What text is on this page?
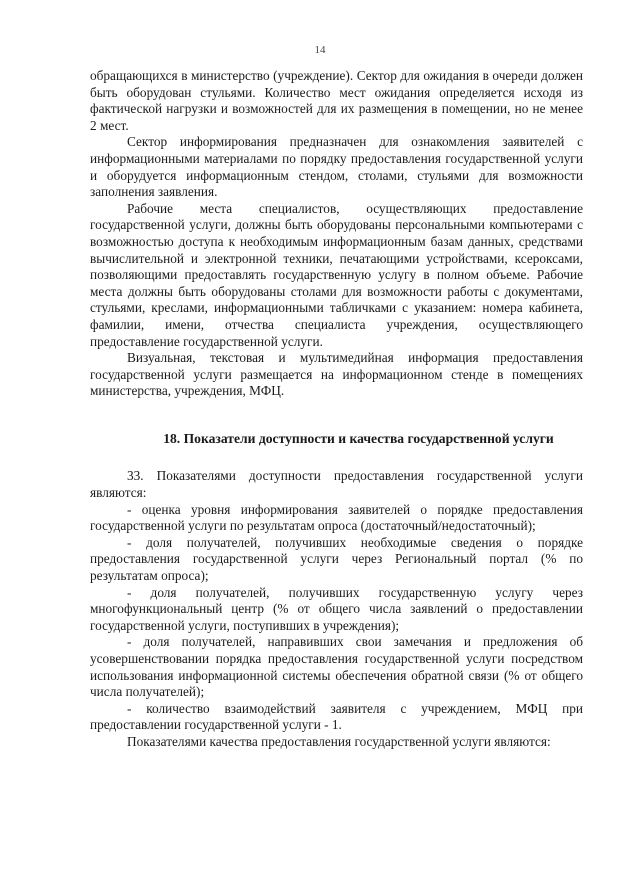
14

обращающихся в министерство (учреждение). Сектор для ожидания в очереди должен быть оборудован стульями. Количество мест ожидания определяется исходя из фактической нагрузки и возможностей для их размещения в помещении, но не менее 2 мест.

Сектор информирования предназначен для ознакомления заявителей с информационными материалами по порядку предоставления государственной услуги и оборудуется информационным стендом, столами, стульями для возможности заполнения заявления.

Рабочие места специалистов, осуществляющих предоставление государственной услуги, должны быть оборудованы персональными компьютерами с возможностью доступа к необходимым информационным базам данных, средствами вычислительной и электронной техники, печатающими устройствами, ксероксами, позволяющими предоставлять государственную услугу в полном объеме. Рабочие места должны быть оборудованы столами для возможности работы с документами, стульями, креслами, информационными табличками с указанием: номера кабинета, фамилии, имени, отчества специалиста учреждения, осуществляющего предоставление государственной услуги.

Визуальная, текстовая и мультимедийная информация предоставления государственной услуги размещается на информационном стенде в помещениях министерства, учреждения, МФЦ.

18. Показатели доступности и качества государственной услуги

33. Показателями доступности предоставления государственной услуги являются:

- оценка уровня информирования заявителей о порядке предоставления государственной услуги по результатам опроса (достаточный/недостаточный);

- доля получателей, получивших необходимые сведения о порядке предоставления государственной услуги через Региональный портал (% по результатам опроса);

- доля получателей, получивших государственную услугу через многофункциональный центр (% от общего числа заявлений о предоставлении государственной услуги, поступивших в учреждения);

- доля получателей, направивших свои замечания и предложения об усовершенствовании порядка предоставления государственной услуги посредством использования информационной системы обеспечения обратной связи (% от общего числа получателей);

- количество взаимодействий заявителя с учреждением, МФЦ при предоставлении государственной услуги - 1.

Показателями качества предоставления государственной услуги являются:
